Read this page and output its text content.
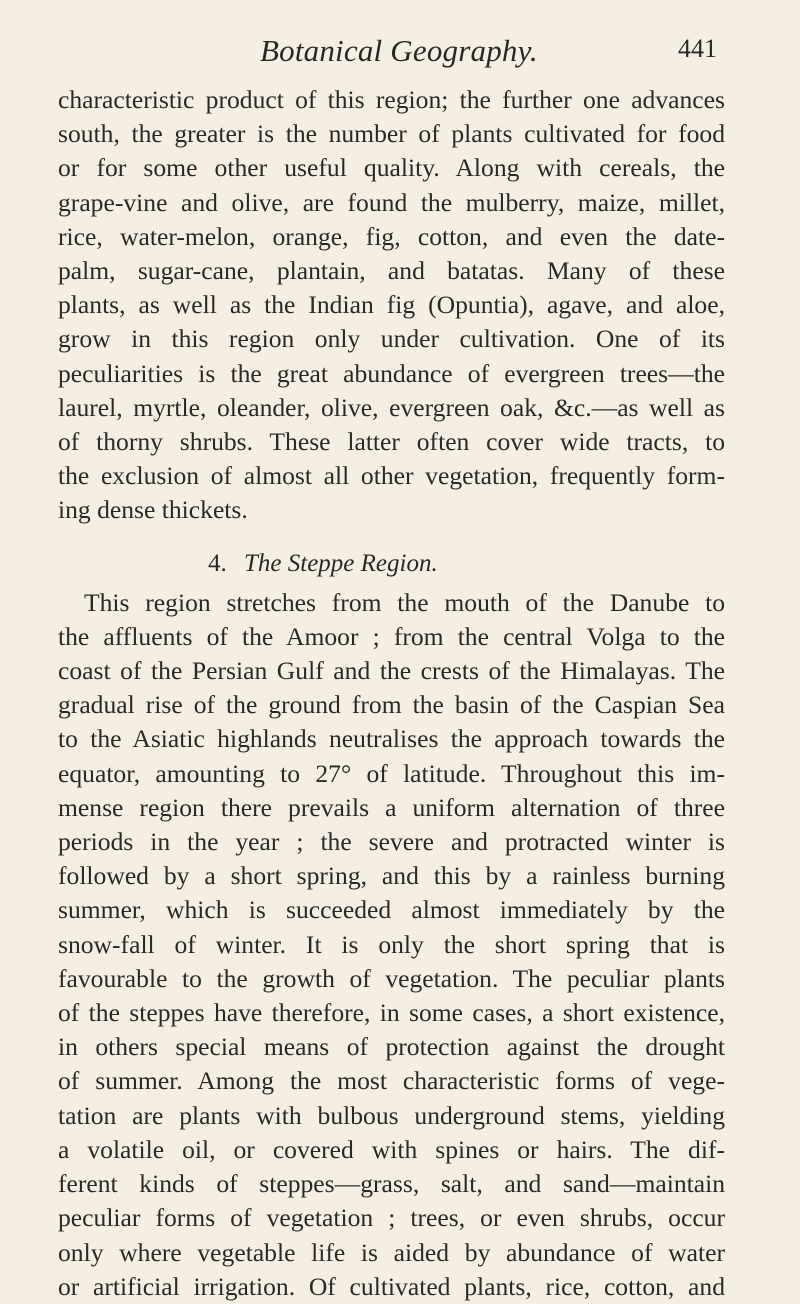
Botanical Geography.	441
characteristic product of this region; the further one advances
south, the greater is the number of plants cultivated for food
or for some other useful quality. Along with cereals, the
grape-vine and olive, are found the mulberry, maize, millet,
rice, water-melon, orange, fig, cotton, and even the date-
palm, sugar-cane, plantain, and batatas. Many of these
plants, as well as the Indian fig (Opuntia), agave, and aloe,
grow in this region only under cultivation. One of its
peculiarities is the great abundance of evergreen trees—the
laurel, myrtle, oleander, olive, evergreen oak, &c.—as well as
of thorny shrubs. These latter often cover wide tracts, to
the exclusion of almost all other vegetation, frequently form-
ing dense thickets.
4. The Steppe Region.
This region stretches from the mouth of the Danube to
the affluents of the Amoor ; from the central Volga to the
coast of the Persian Gulf and the crests of the Himalayas. The
gradual rise of the ground from the basin of the Caspian Sea
to the Asiatic highlands neutralises the approach towards the
equator, amounting to 27° of latitude. Throughout this im-
mense region there prevails a uniform alternation of three
periods in the year ; the severe and protracted winter is
followed by a short spring, and this by a rainless burning
summer, which is succeeded almost immediately by the
snow-fall of winter. It is only the short spring that is
favourable to the growth of vegetation. The peculiar plants
of the steppes have therefore, in some cases, a short existence,
in others special means of protection against the drought
of summer. Among the most characteristic forms of vege-
tation are plants with bulbous underground stems, yielding
a volatile oil, or covered with spines or hairs. The dif-
ferent kinds of steppes—grass, salt, and sand—maintain
peculiar forms of vegetation ; trees, or even shrubs, occur
only where vegetable life is aided by abundance of water
or artificial irrigation. Of cultivated plants, rice, cotton, and
